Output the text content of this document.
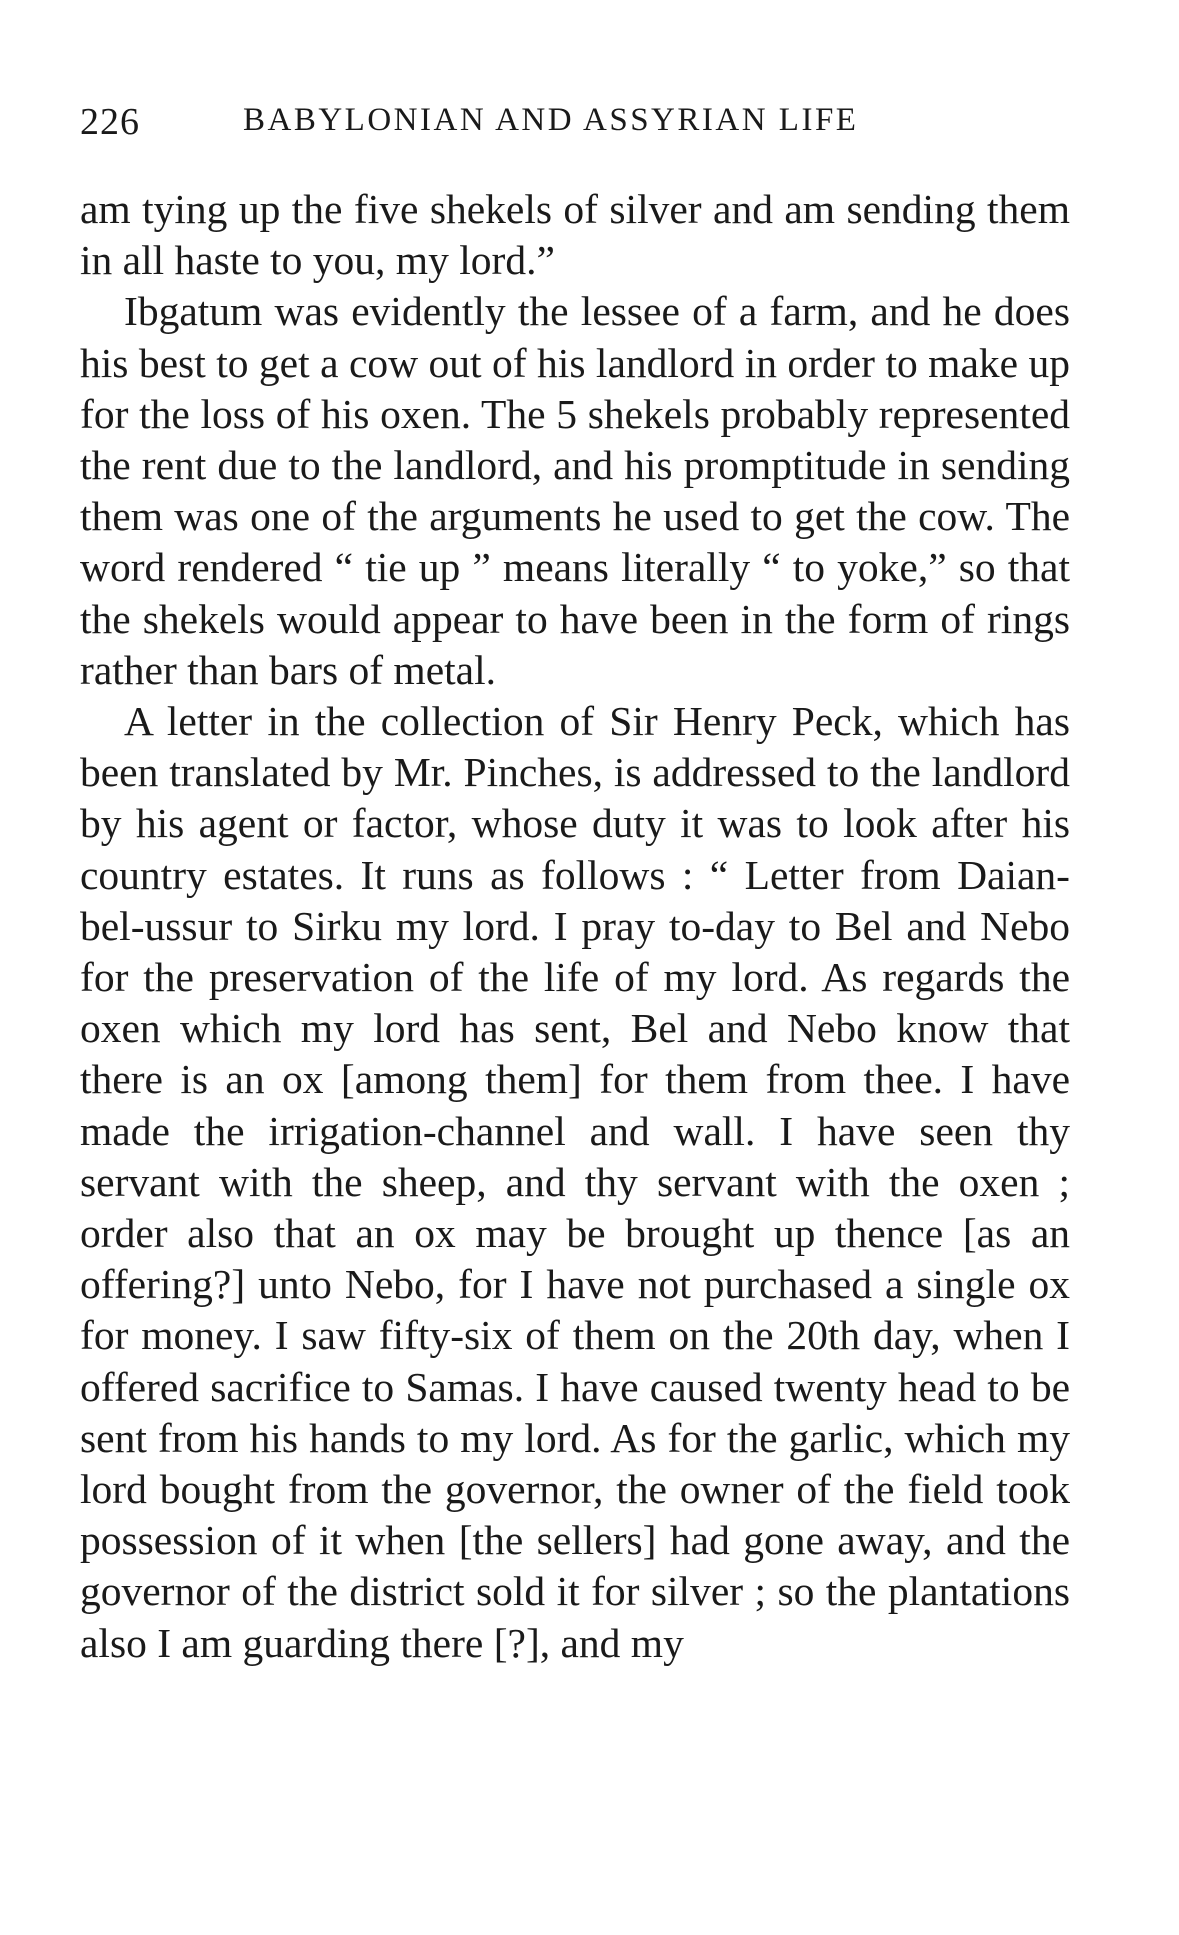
226	BABYLONIAN AND ASSYRIAN LIFE

am tying up the five shekels of silver and am sending them in all haste to you, my lord.”

Ibgatum was evidently the lessee of a farm, and he does his best to get a cow out of his landlord in order to make up for the loss of his oxen. The 5 shekels probably represented the rent due to the landlord, and his promptitude in sending them was one of the arguments he used to get the cow. The word rendered “ tie up ” means literally “ to yoke,” so that the shekels would appear to have been in the form of rings rather than bars of metal.

A letter in the collection of Sir Henry Peck, which has been translated by Mr. Pinches, is addressed to the landlord by his agent or factor, whose duty it was to look after his country estates. It runs as follows : “ Letter from Daian-bel-ussur to Sirku my lord. I pray to-day to Bel and Nebo for the preservation of the life of my lord. As regards the oxen which my lord has sent, Bel and Nebo know that there is an ox [among them] for them from thee. I have made the irrigation-channel and wall. I have seen thy servant with the sheep, and thy servant with the oxen ; order also that an ox may be brought up thence [as an offering?] unto Nebo, for I have not purchased a single ox for money. I saw fifty-six of them on the 20th day, when I offered sacrifice to Samas. I have caused twenty head to be sent from his hands to my lord. As for the garlic, which my lord bought from the governor, the owner of the field took possession of it when [the sellers] had gone away, and the governor of the district sold it for silver ; so the plantations also I am guarding there [?], and my
